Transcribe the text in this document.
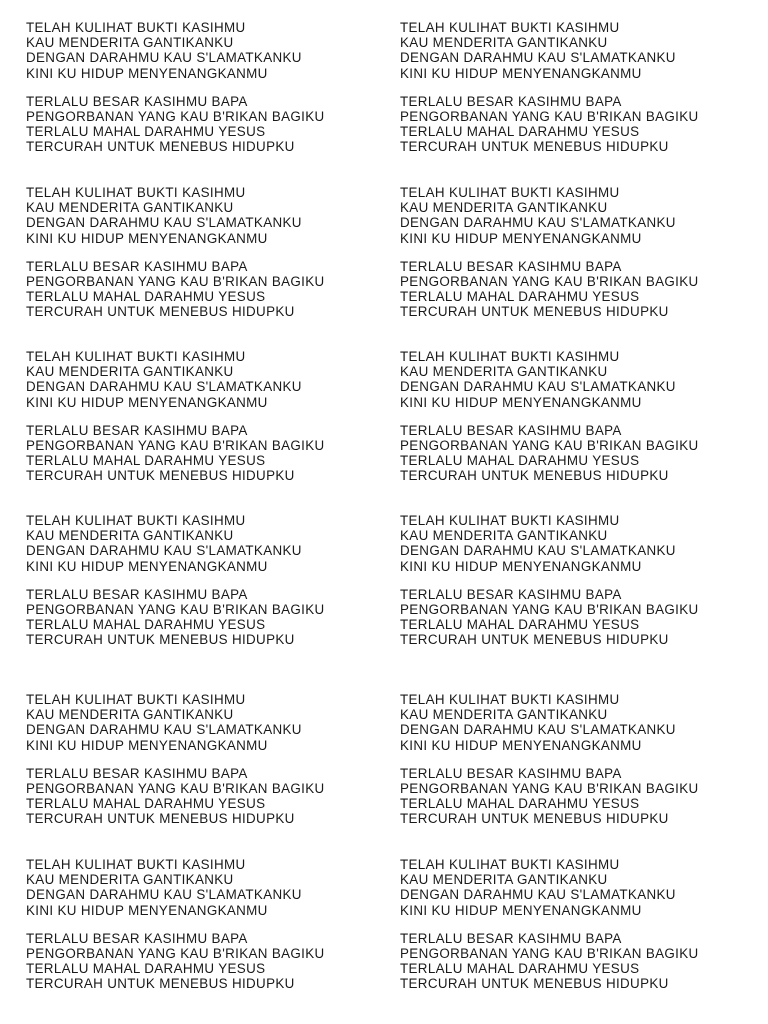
TELAH KULIHAT BUKTI KASIHMU
KAU MENDERITA GANTIKANKU
DENGAN DARAHMU KAU S'LAMATKANKU
KINI KU HIDUP MENYENANGKANMU
TERLALU BESAR KASIHMU BAPA
PENGORBANAN YANG KAU B'RIKAN BAGIKU
TERLALU MAHAL DARAHMU YESUS
TERCURAH UNTUK MENEBUS HIDUPKU
TELAH KULIHAT BUKTI KASIHMU
KAU MENDERITA GANTIKANKU
DENGAN DARAHMU KAU S'LAMATKANKU
KINI KU HIDUP MENYENANGKANMU
TERLALU BESAR KASIHMU BAPA
PENGORBANAN YANG KAU B'RIKAN BAGIKU
TERLALU MAHAL DARAHMU YESUS
TERCURAH UNTUK MENEBUS HIDUPKU
TELAH KULIHAT BUKTI KASIHMU
KAU MENDERITA GANTIKANKU
DENGAN DARAHMU KAU S'LAMATKANKU
KINI KU HIDUP MENYENANGKANMU
TERLALU BESAR KASIHMU BAPA
PENGORBANAN YANG KAU B'RIKAN BAGIKU
TERLALU MAHAL DARAHMU YESUS
TERCURAH UNTUK MENEBUS HIDUPKU
TELAH KULIHAT BUKTI KASIHMU
KAU MENDERITA GANTIKANKU
DENGAN DARAHMU KAU S'LAMATKANKU
KINI KU HIDUP MENYENANGKANMU
TERLALU BESAR KASIHMU BAPA
PENGORBANAN YANG KAU B'RIKAN BAGIKU
TERLALU MAHAL DARAHMU YESUS
TERCURAH UNTUK MENEBUS HIDUPKU
TELAH KULIHAT BUKTI KASIHMU
KAU MENDERITA GANTIKANKU
DENGAN DARAHMU KAU S'LAMATKANKU
KINI KU HIDUP MENYENANGKANMU
TERLALU BESAR KASIHMU BAPA
PENGORBANAN YANG KAU B'RIKAN BAGIKU
TERLALU MAHAL DARAHMU YESUS
TERCURAH UNTUK MENEBUS HIDUPKU
TELAH KULIHAT BUKTI KASIHMU
KAU MENDERITA GANTIKANKU
DENGAN DARAHMU KAU S'LAMATKANKU
KINI KU HIDUP MENYENANGKANMU
TERLALU BESAR KASIHMU BAPA
PENGORBANAN YANG KAU B'RIKAN BAGIKU
TERLALU MAHAL DARAHMU YESUS
TERCURAH UNTUK MENEBUS HIDUPKU
TELAH KULIHAT BUKTI KASIHMU
KAU MENDERITA GANTIKANKU
DENGAN DARAHMU KAU S'LAMATKANKU
KINI KU HIDUP MENYENANGKANMU
TERLALU BESAR KASIHMU BAPA
PENGORBANAN YANG KAU B'RIKAN BAGIKU
TERLALU MAHAL DARAHMU YESUS
TERCURAH UNTUK MENEBUS HIDUPKU
TELAH KULIHAT BUKTI KASIHMU
KAU MENDERITA GANTIKANKU
DENGAN DARAHMU KAU S'LAMATKANKU
KINI KU HIDUP MENYENANGKANMU
TERLALU BESAR KASIHMU BAPA
PENGORBANAN YANG KAU B'RIKAN BAGIKU
TERLALU MAHAL DARAHMU YESUS
TERCURAH UNTUK MENEBUS HIDUPKU
TELAH KULIHAT BUKTI KASIHMU
KAU MENDERITA GANTIKANKU
DENGAN DARAHMU KAU S'LAMATKANKU
KINI KU HIDUP MENYENANGKANMU
TERLALU BESAR KASIHMU BAPA
PENGORBANAN YANG KAU B'RIKAN BAGIKU
TERLALU MAHAL DARAHMU YESUS
TERCURAH UNTUK MENEBUS HIDUPKU
TELAH KULIHAT BUKTI KASIHMU
KAU MENDERITA GANTIKANKU
DENGAN DARAHMU KAU S'LAMATKANKU
KINI KU HIDUP MENYENANGKANMU
TERLALU BESAR KASIHMU BAPA
PENGORBANAN YANG KAU B'RIKAN BAGIKU
TERLALU MAHAL DARAHMU YESUS
TERCURAH UNTUK MENEBUS HIDUPKU
TELAH KULIHAT BUKTI KASIHMU
KAU MENDERITA GANTIKANKU
DENGAN DARAHMU KAU S'LAMATKANKU
KINI KU HIDUP MENYENANGKANMU
TERLALU BESAR KASIHMU BAPA
PENGORBANAN YANG KAU B'RIKAN BAGIKU
TERLALU MAHAL DARAHMU YESUS
TERCURAH UNTUK MENEBUS HIDUPKU
TELAH KULIHAT BUKTI KASIHMU
KAU MENDERITA GANTIKANKU
DENGAN DARAHMU KAU S'LAMATKANKU
KINI KU HIDUP MENYENANGKANMU
TERLALU BESAR KASIHMU BAPA
PENGORBANAN YANG KAU B'RIKAN BAGIKU
TERLALU MAHAL DARAHMU YESUS
TERCURAH UNTUK MENEBUS HIDUPKU
